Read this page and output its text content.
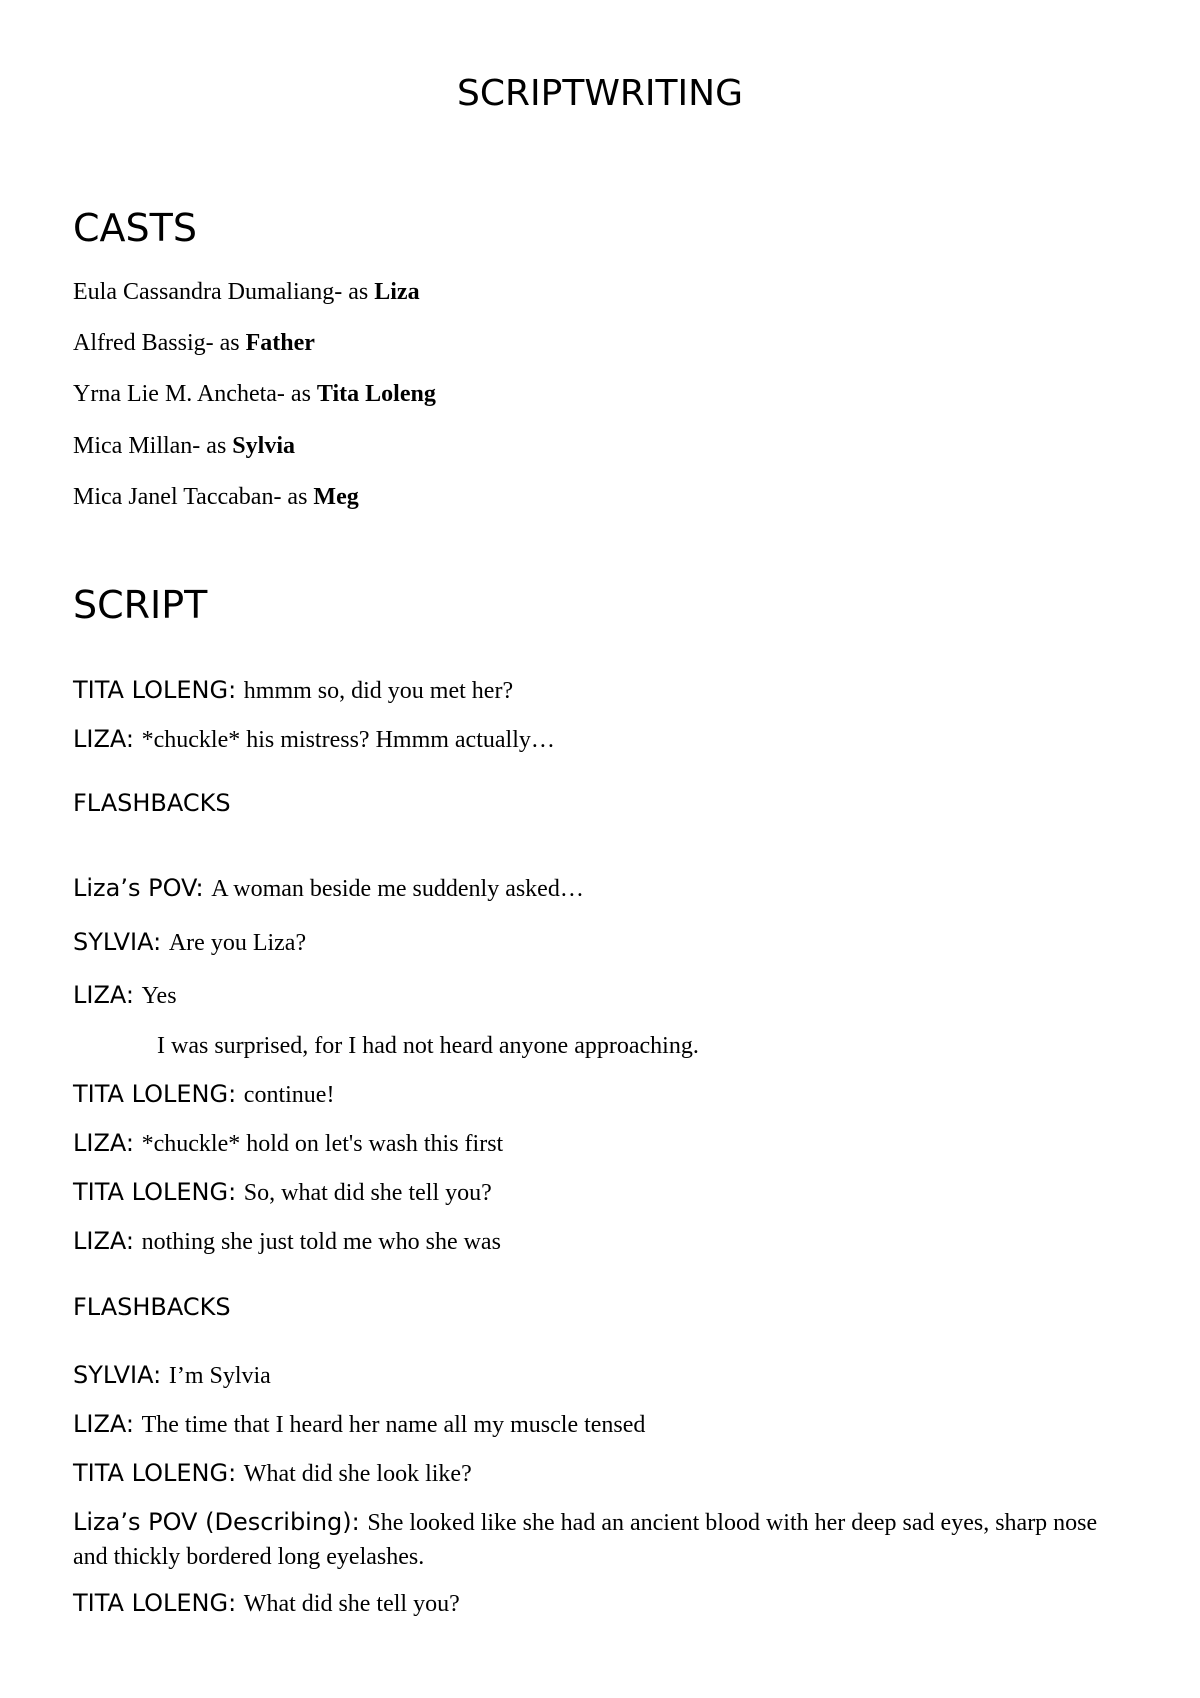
SCRIPTWRITING
CASTS

Eula Cassandra Dumaliang- as Liza

Alfred Bassig- as Father

Yrna Lie M. Ancheta- as Tita Loleng

Mica Millan- as Sylvia

Mica Janel Taccaban- as Meg

SCRIPT

TITA LOLENG: hmmm so, did you met her?

LIZA: *chuckle* his mistress? Hmmm actually…

FLASHBACKS

Liza’s POV: A woman beside me suddenly asked…

SYLVIA: Are you Liza?

LIZA: Yes

I was surprised, for I had not heard anyone approaching.

TITA LOLENG: continue!

LIZA: *chuckle* hold on let's wash this first

TITA LOLENG: So, what did she tell you?

LIZA: nothing she just told me who she was

FLASHBACKS

SYLVIA: I’m Sylvia

LIZA: The time that I heard her name all my muscle tensed

TITA LOLENG: What did she look like?

Liza’s POV (Describing): She looked like she had an ancient blood with her deep sad eyes, sharp nose and thickly bordered long eyelashes.

TITA LOLENG: What did she tell you?
